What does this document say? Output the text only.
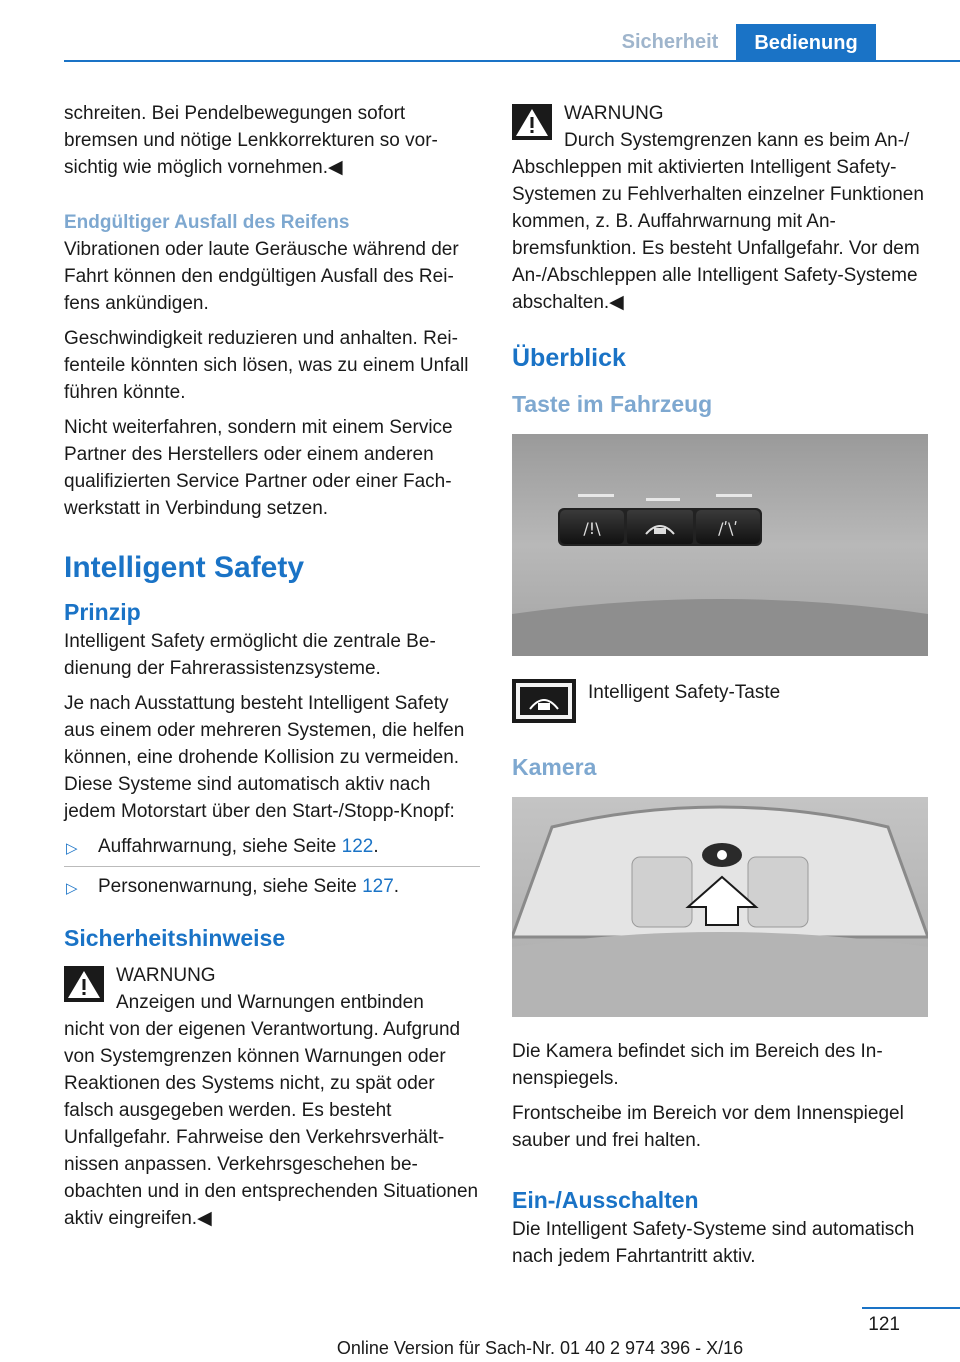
Sicherheit	Bedienung

schreiten. Bei Pendelbewegungen sofort bremsen und nötige Lenkkorrekturen so vorsichtig wie möglich vornehmen.◀

Endgültiger Ausfall des Reifens

Vibrationen oder laute Geräusche während der Fahrt können den endgültigen Ausfall des Reifens ankündigen.

Geschwindigkeit reduzieren und anhalten. Reifenteile könnten sich lösen, was zu einem Unfall führen könnte.

Nicht weiterfahren, sondern mit einem Service Partner des Herstellers oder einem anderen qualifizierten Service Partner oder einer Fachwerkstatt in Verbindung setzen.

Intelligent Safety
Prinzip

Intelligent Safety ermöglicht die zentrale Bedienung der Fahrerassistenzsysteme.

Je nach Ausstattung besteht Intelligent Safety aus einem oder mehreren Systemen, die helfen können, eine drohende Kollision zu vermeiden. Diese Systeme sind automatisch aktiv nach jedem Motorstart über den Start-/Stopp-Knopf:

▷ Auffahrwarnung, siehe Seite 122.
▷ Personenwarnung, siehe Seite 127.
Sicherheitshinweise
WARNUNG
Anzeigen und Warnungen entbinden
nicht von der eigenen Verantwortung. Aufgrund von Systemgrenzen können Warnungen oder Reaktionen des Systems nicht, zu spät oder falsch ausgegeben werden. Es besteht Unfallgefahr. Fahrweise den Verkehrsverhältnissen anpassen. Verkehrsgeschehen beobachten und in den entsprechenden Situationen aktiv eingreifen.◀
WARNUNG
Durch Systemgrenzen kann es beim An-/
Abschleppen mit aktivierten Intelligent Safety-Systemen zu Fehlverhalten einzelner Funktionen kommen, z. B. Auffahrwarnung mit Anbremsfunktion. Es besteht Unfallgefahr. Vor dem An-/Abschleppen alle Intelligent Safety-Systeme abschalten.◀
Überblick
Taste im Fahrzeug
/!\	/ʹ\ʹ
Intelligent Safety-Taste
Kamera

Die Kamera befindet sich im Bereich des Innenspiegels.

Frontscheibe im Bereich vor dem Innenspiegel sauber und frei halten.

Ein-/Ausschalten

Die Intelligent Safety-Systeme sind automatisch nach jedem Fahrtantritt aktiv.

121
Online Version für Sach-Nr. 01 40 2 974 396 - X/16
